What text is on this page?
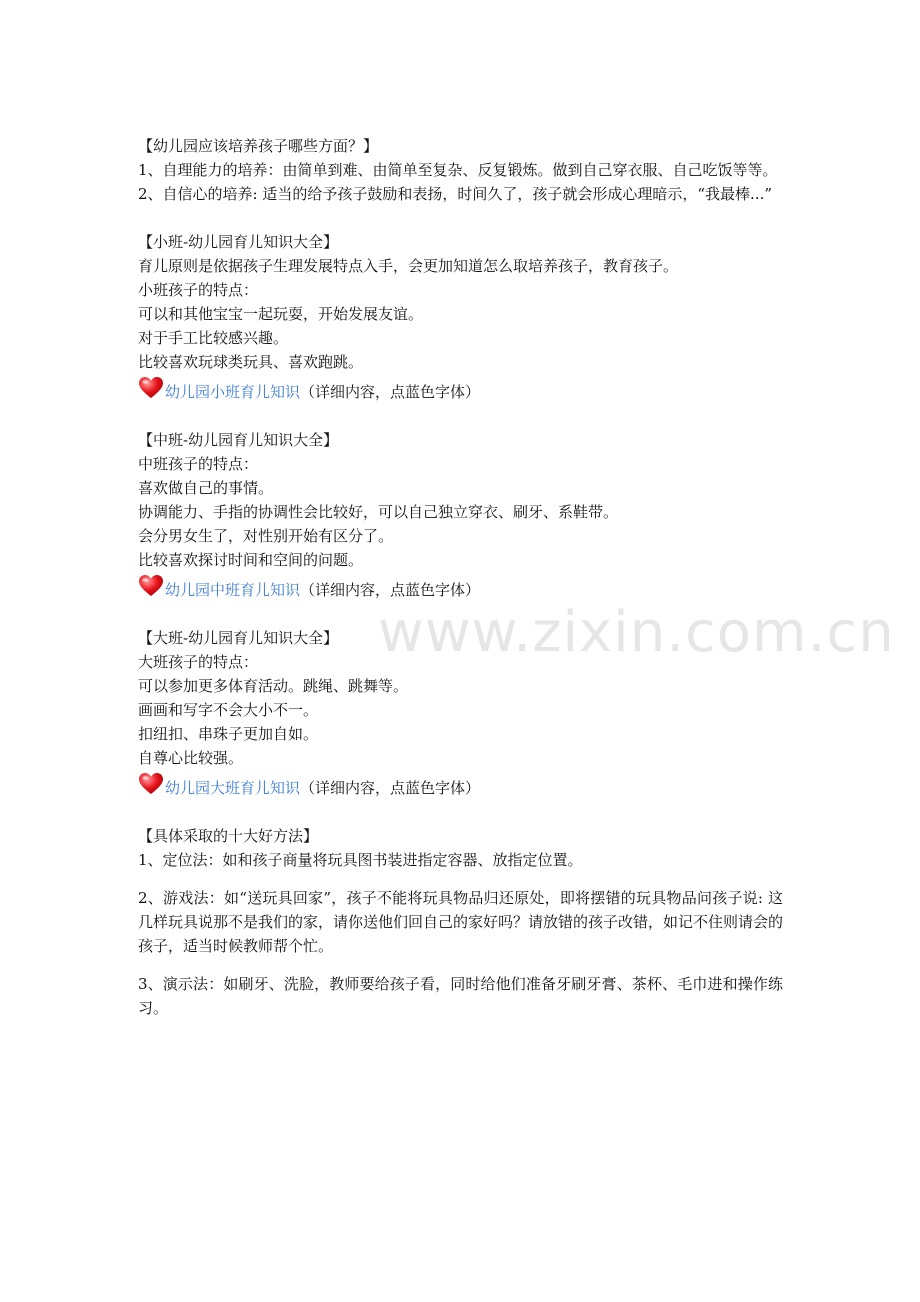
www.zixin.com.cn

【幼儿园应该培养孩子哪些方面？】

1、自理能力的培养：由简单到难、由简单至复杂、反复锻炼。做到自己穿衣服、自己吃饭等等。

2、自信心的培养: 适当的给予孩子鼓励和表扬，时间久了，孩子就会形成心理暗示，“我最棒...”

【小班-幼儿园育儿知识大全】

育儿原则是依据孩子生理发展特点入手，会更加知道怎么取培养孩子，教育孩子。

小班孩子的特点：

可以和其他宝宝一起玩耍，开始发展友谊。

对于手工比较感兴趣。

比较喜欢玩球类玩具、喜欢跑跳。

幼儿园小班育儿知识 （详细内容，点蓝色字体）

【中班-幼儿园育儿知识大全】

中班孩子的特点：

喜欢做自己的事情。

协调能力、手指的协调性会比较好，可以自己独立穿衣、刷牙、系鞋带。

会分男女生了，对性别开始有区分了。

比较喜欢探讨时间和空间的问题。

幼儿园中班育儿知识 （详细内容，点蓝色字体）

【大班-幼儿园育儿知识大全】

大班孩子的特点：

可以参加更多体育活动。跳绳、跳舞等。

画画和写字不会大小不一。

扣纽扣、串珠子更加自如。

自尊心比较强。

幼儿园大班育儿知识 （详细内容，点蓝色字体）

【具体采取的十大好方法】

1、定位法：如和孩子商量将玩具图书装进指定容器、放指定位置。

2、游戏法：如“送玩具回家”，孩子不能将玩具物品归还原处，即将摆错的玩具物品问孩子说: 这几样玩具说那不是我们的家，请你送他们回自己的家好吗？请放错的孩子改错，如记不住则请会的孩子，适当时候教师帮个忙。

3、演示法：如刷牙、洗脸，教师要给孩子看，同时给他们准备牙刷牙膏、茶杯、毛巾进和操作练习。
